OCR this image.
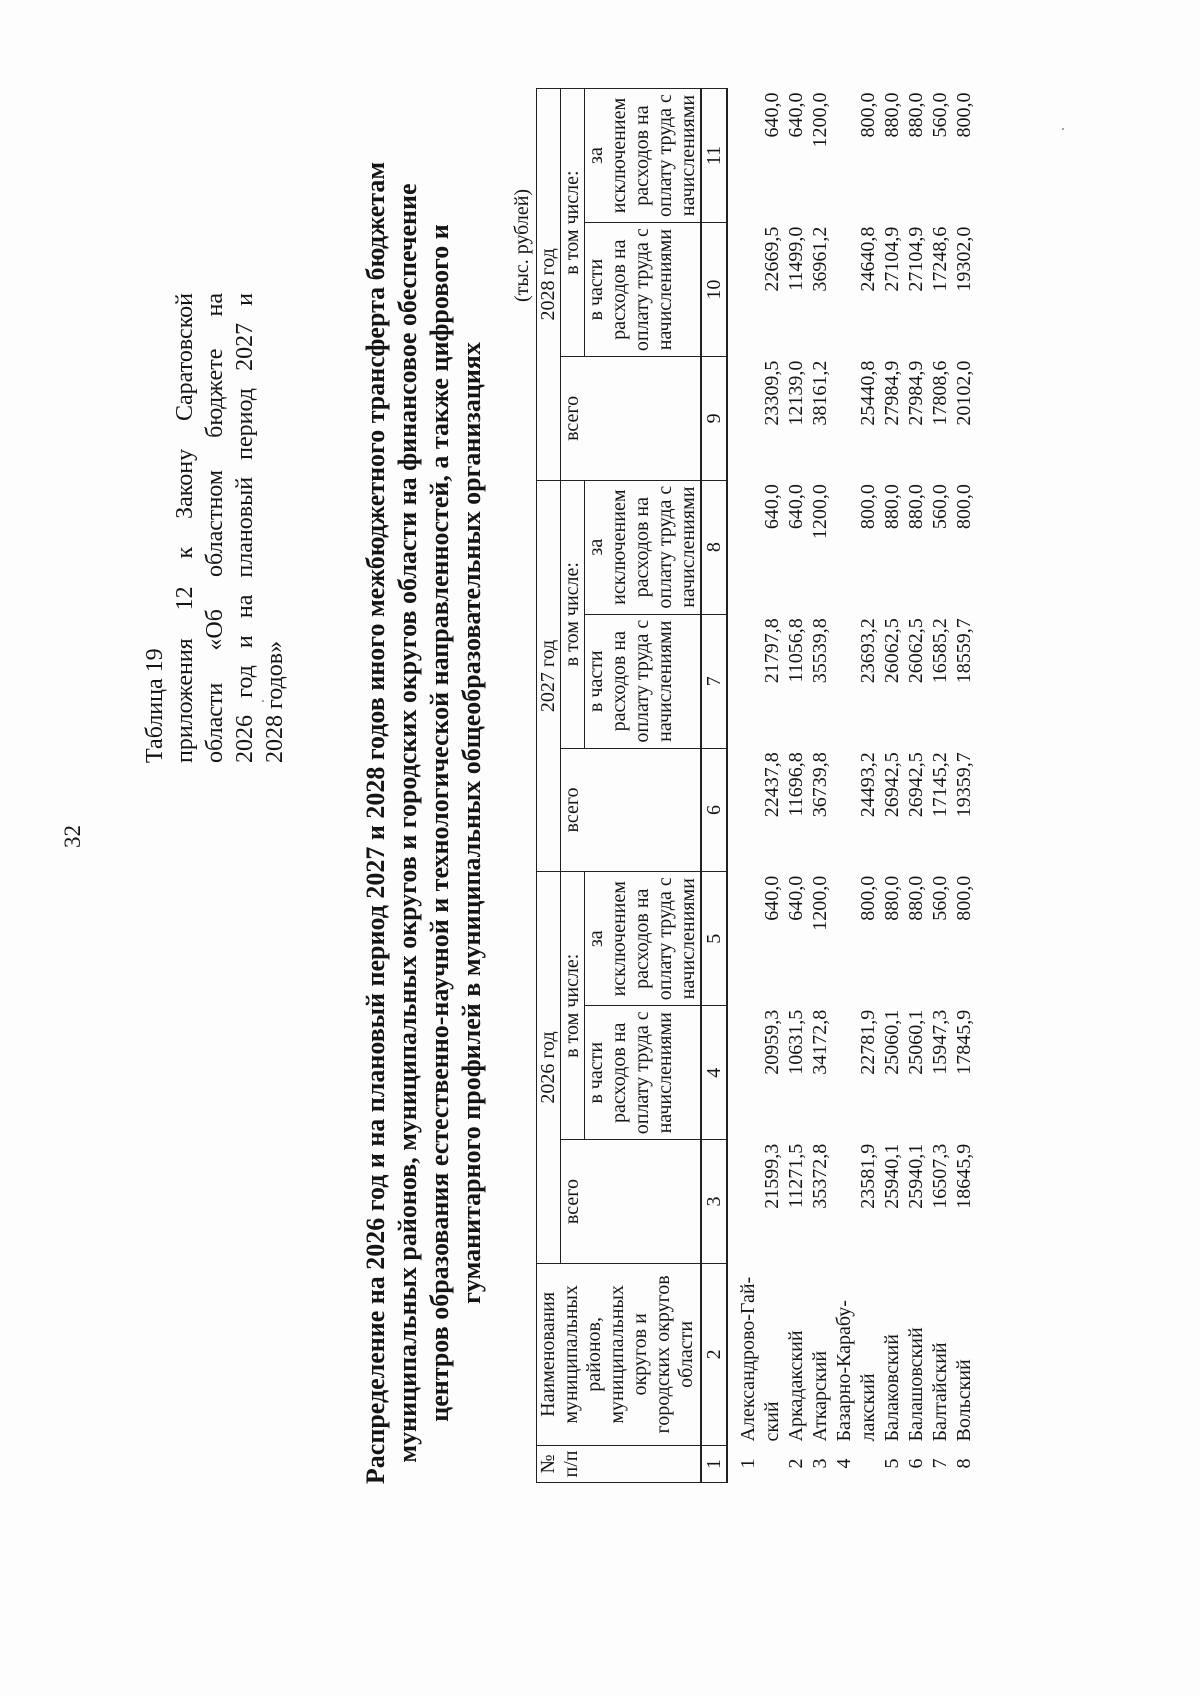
32
Таблица 19 приложения 12 к Закону Саратовской области «Об областном бюджете на 2026 год и на плановый период 2027 и 2028 годов»	Распределение на 2026 год и на плановый период 2027 и 2028 годов иного межбюджетного трансферта бюджетам муниципальных районов, муниципальных округов и городских округов области на финансовое обеспечение центров образования естественно-научной и технологической направленностей, а также цифрового и гуманитарного профилей в муниципальных общеобразовательных организациях
(тыс. рублей)
№ п/п	Наименования муниципальных районов, муниципальных округов и городских округов области	2026 год			2027 год			2028 год		
		всего	в том числе:		всего	в том числе:		всего	в том числе:	
			в части расходов на оплату труда с начислениями	за исключением расходов на оплату труда с начислениями		в части расходов на оплату труда с начислениями	за исключением расходов на оплату труда с начислениями		в части расходов на оплату труда с начислениями	за исключением расходов на оплату труда с начислениями
1	2	3	4	5	6	7	8	9	10	11
1	Александрово-Гай- ский	21599,3	20959,3	640,0	22437,8	21797,8	640,0	23309,5	22669,5	640,0
2	Аркадакский	11271,5	10631,5	640,0	11696,8	11056,8	640,0	12139,0	11499,0	640,0
3	Аткарский	35372,8	34172,8	1200,0	36739,8	35539,8	1200,0	38161,2	36961,2	1200,0
4	Базарно-Карабу- лакский	23581,9	22781,9	800,0	24493,2	23693,2	800,0	25440,8	24640,8	800,0
5	Балаковский	25940,1	25060,1	880,0	26942,5	26062,5	880,0	27984,9	27104,9	880,0
6	Балашовский	25940,1	25060,1	880,0	26942,5	26062,5	880,0	27984,9	27104,9	880,0
7	Балтайский	16507,3	15947,3	560,0	17145,2	16585,2	560,0	17808,6	17248,6	560,0
8	Вольский	18645,9	17845,9	800,0	19359,7	18559,7	800,0	20102,0	19302,0	800,0
